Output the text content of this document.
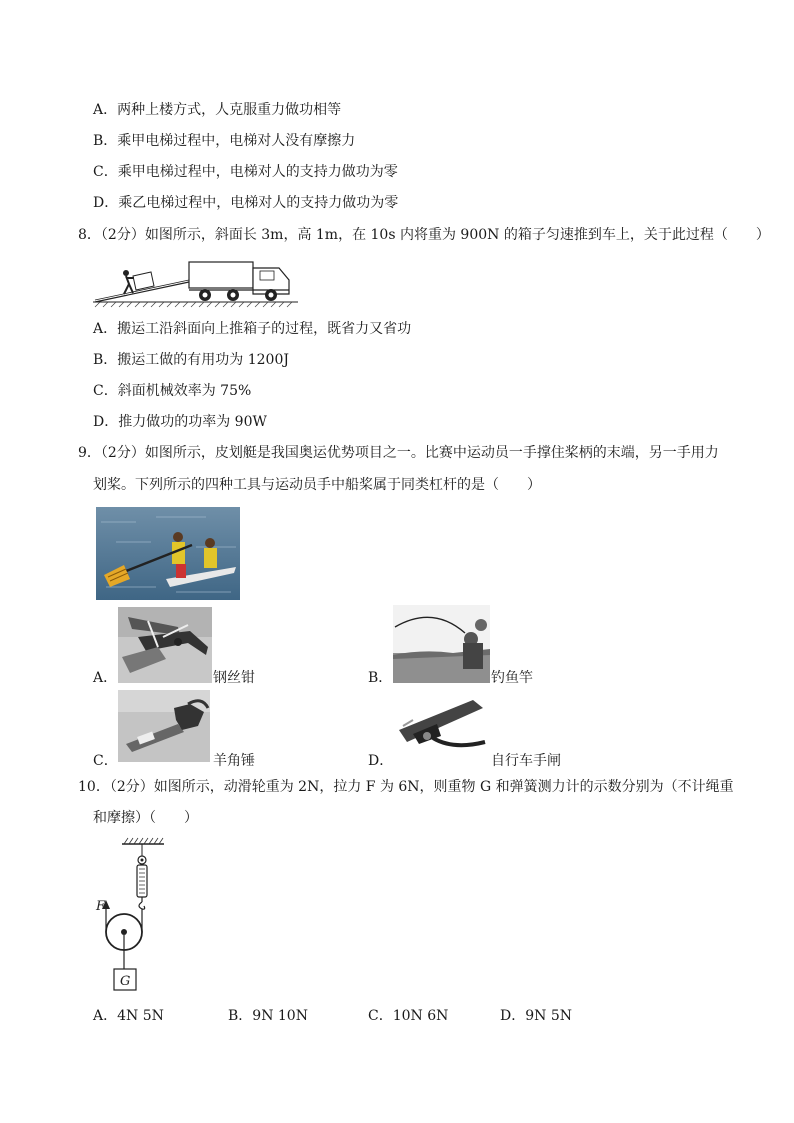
A．两种上楼方式，人克服重力做功相等
B．乘甲电梯过程中，电梯对人没有摩擦力
C．乘甲电梯过程中，电梯对人的支持力做功为零
D．乘乙电梯过程中，电梯对人的支持力做功为零
8．（2分）如图所示，斜面长 3m，高 1m，在 10s 内将重为 900N 的箱子匀速推到车上，关于此过程（　　）
A．搬运工沿斜面向上推箱子的过程，既省力又省功
B．搬运工做的有用功为 1200J
C．斜面机械效率为 75%
D．推力做功的功率为 90W
9．（2分）如图所示，皮划艇是我国奥运优势项目之一。比赛中运动员一手撑住桨柄的末端，另一手用力
划桨。下列所示的四种工具与运动员手中船桨属于同类杠杆的是（　　）
A．	钢丝钳	B．	钓鱼竿
C．	羊角锤	D．	自行车手闸
10．（2分）如图所示，动滑轮重为 2N，拉力 F 为 6N，则重物 G 和弹簧测力计的示数分别为（不计绳重
和摩擦）（　　）
F
G
A．4N 5N	B．9N 10N	C．10N 6N	D．9N 5N
